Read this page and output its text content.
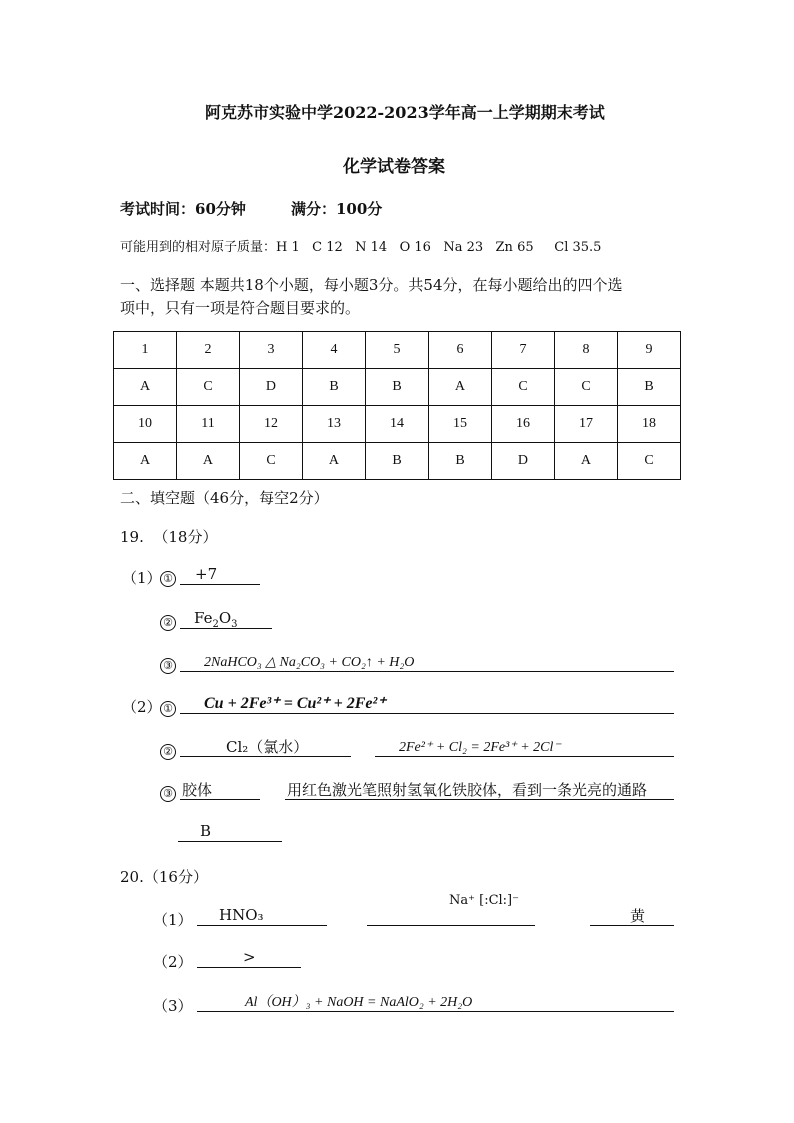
阿克苏市实验中学2022-2023学年高一上学期期末考试
化学试卷答案
考试时间：60分钟	满分：100分
可能用到的相对原子质量：H 1   C 12   N 14   O 16   Na 23   Zn 65     Cl 35.5
一、选择题 本题共18个小题，每小题3分。共54分，在每小题给出的四个选
项中，只有一项是符合题目要求的。
1	2	3	4	5	6	7	8	9
A	C	D	B	B	A	C	C	B
10	11	12	13	14	15	16	17	18
A	A	C	A	B	B	D	A	C
二、填空题（46分，每空2分）
19.  （18分）
（1） ①	+7
②	$Fe_2O_3$
③	2NaHCO₃ △ Na₂CO₃ + CO₂↑ + H₂O
（2） ①	Cu + 2Fe³⁺ = Cu²⁺ + 2Fe²⁺
②	Cl₂（氯水）	2Fe²⁺ + Cl₂ = 2Fe³⁺ + 2Cl⁻
③ 胶体	用红色激光笔照射氢氧化铁胶体，看到一条光亮的通路
B
20.（16分）
（1）	HNO₃
Na⁺ [:Cl:]⁻
黄
（2）	>
（3）	Al（OH）₃ + NaOH = NaAlO₂ + 2H₂O
